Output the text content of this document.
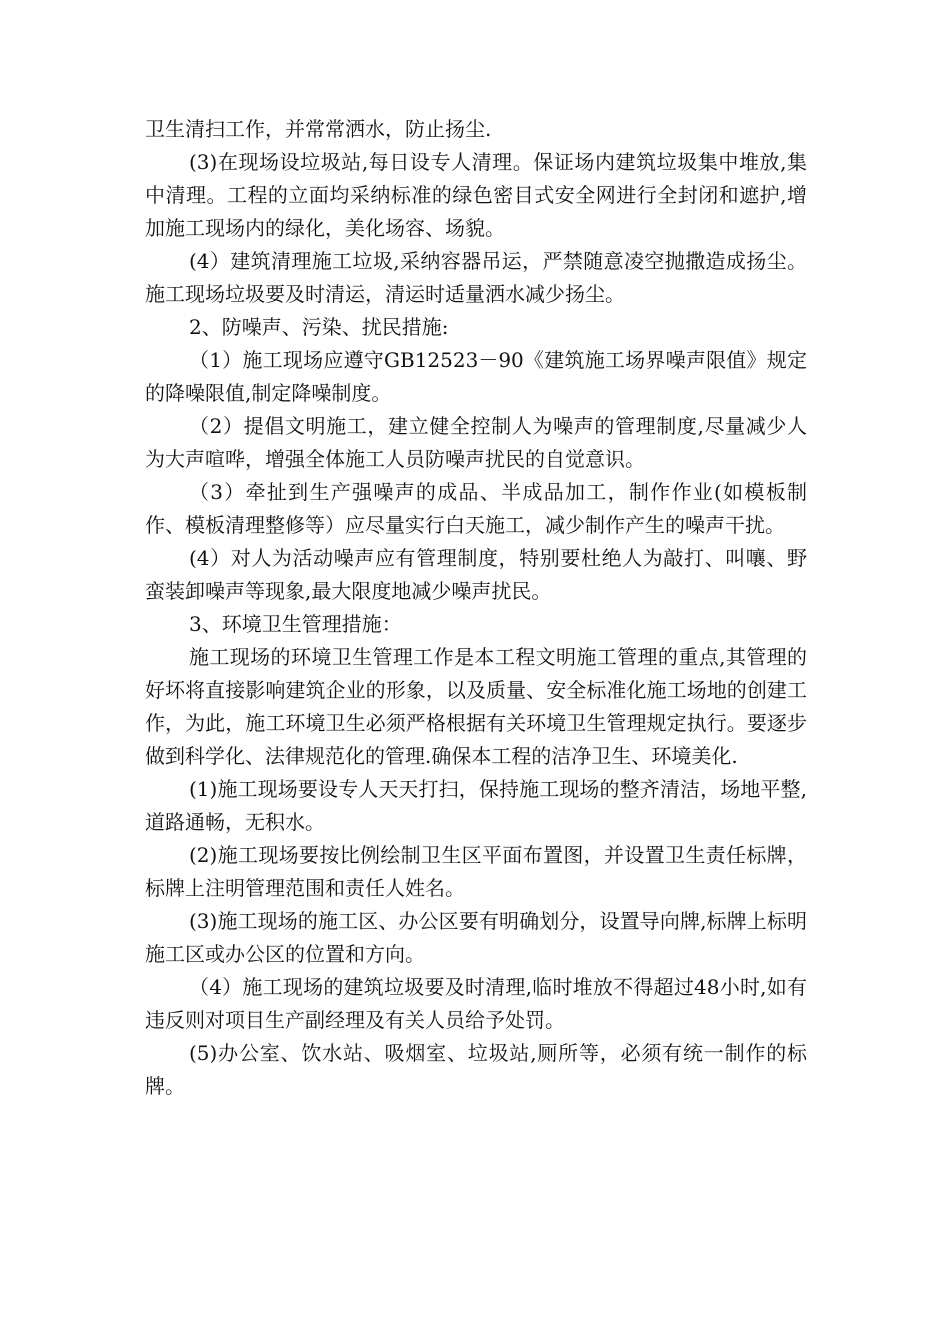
卫生清扫工作，并常常洒水，防止扬尘.

(3)在现场设垃圾站,每日设专人清理。保证场内建筑垃圾集中堆放,集中清理。工程的立面均采纳标准的绿色密目式安全网进行全封闭和遮护,增加施工现场内的绿化，美化场容、场貌。

(4）建筑清理施工垃圾,采纳容器吊运，严禁随意凌空抛撒造成扬尘。施工现场垃圾要及时清运，清运时适量洒水减少扬尘。

2、防噪声、污染、扰民措施:

（1）施工现场应遵守GB12523－90《建筑施工场界噪声限值》规定的降噪限值,制定降噪制度。

（2）提倡文明施工，建立健全控制人为噪声的管理制度,尽量减少人为大声喧哗，增强全体施工人员防噪声扰民的自觉意识。

（3）牵扯到生产强噪声的成品、半成品加工，制作作业(如模板制作、模板清理整修等）应尽量实行白天施工，减少制作产生的噪声干扰。

(4）对人为活动噪声应有管理制度，特别要杜绝人为敲打、叫嚷、野蛮装卸噪声等现象,最大限度地减少噪声扰民。

3、环境卫生管理措施：

施工现场的环境卫生管理工作是本工程文明施工管理的重点,其管理的好坏将直接影响建筑企业的形象，以及质量、安全标准化施工场地的创建工作，为此，施工环境卫生必须严格根据有关环境卫生管理规定执行。要逐步做到科学化、法律规范化的管理.确保本工程的洁净卫生、环境美化.

(1)施工现场要设专人天天打扫，保持施工现场的整齐清洁，场地平整,道路通畅，无积水。

(2)施工现场要按比例绘制卫生区平面布置图，并设置卫生责任标牌，标牌上注明管理范围和责任人姓名。

(3)施工现场的施工区、办公区要有明确划分，设置导向牌,标牌上标明施工区或办公区的位置和方向。

（4）施工现场的建筑垃圾要及时清理,临时堆放不得超过48小时,如有违反则对项目生产副经理及有关人员给予处罚。

(5)办公室、饮水站、吸烟室、垃圾站,厕所等，必须有统一制作的标牌。
